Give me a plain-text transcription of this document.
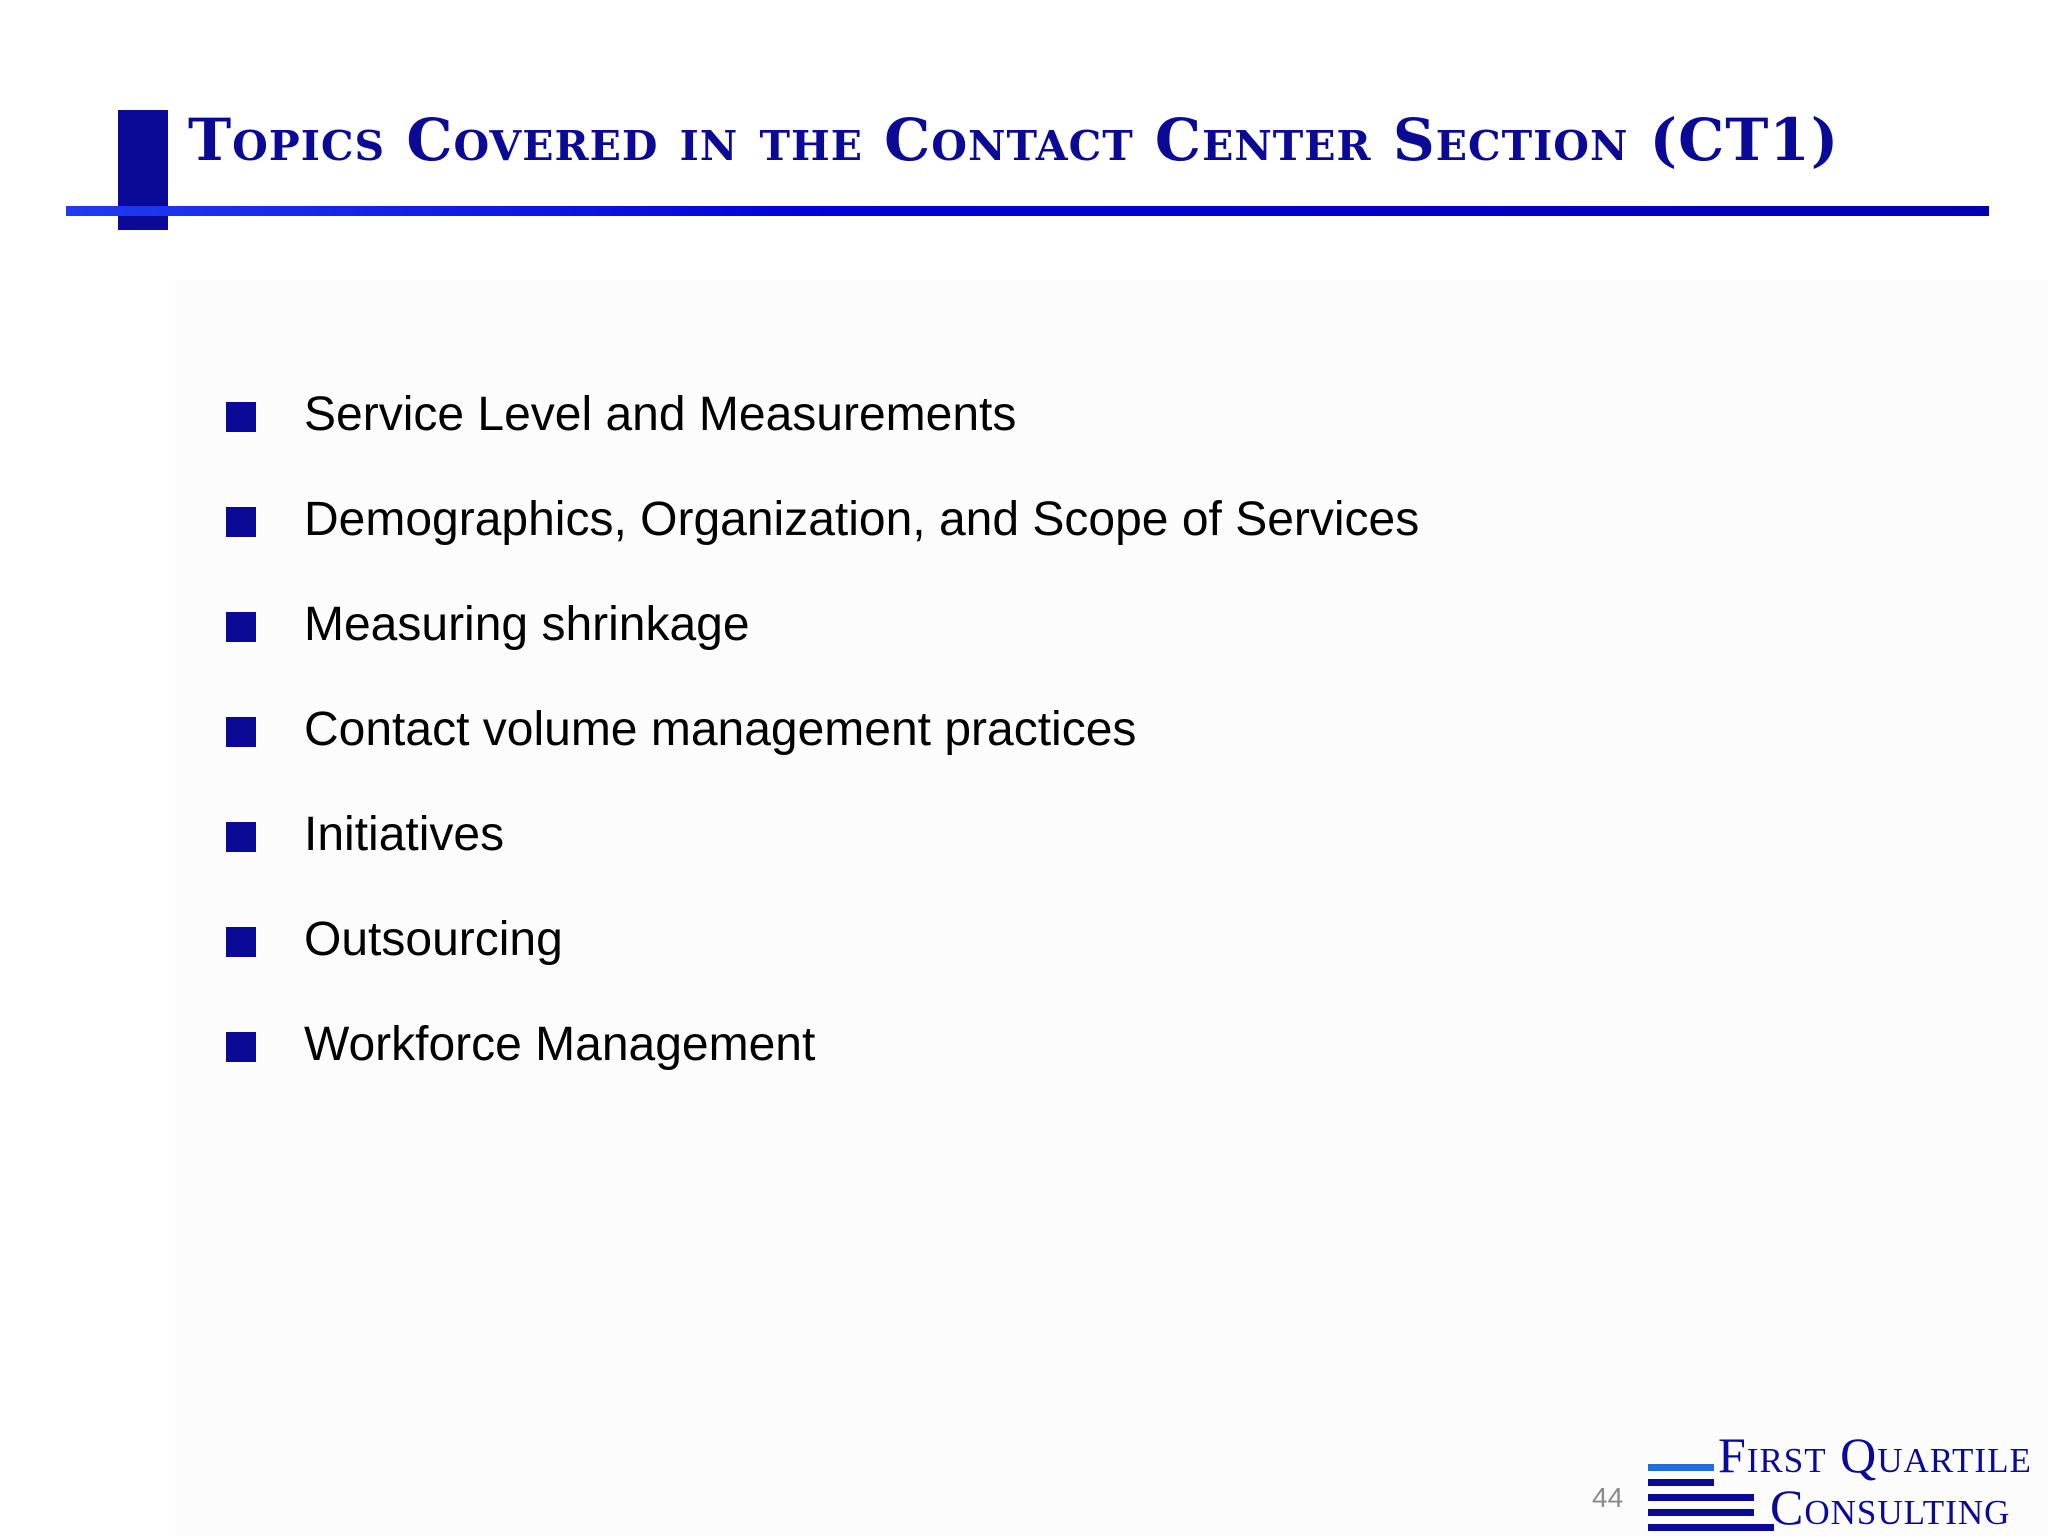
Topics Covered in the Contact Center Section (CT1)
Service Level and Measurements
Demographics, Organization, and Scope of Services
Measuring shrinkage
Contact volume management practices
Initiatives
Outsourcing
Workforce Management
44
First Quartile
Consulting
